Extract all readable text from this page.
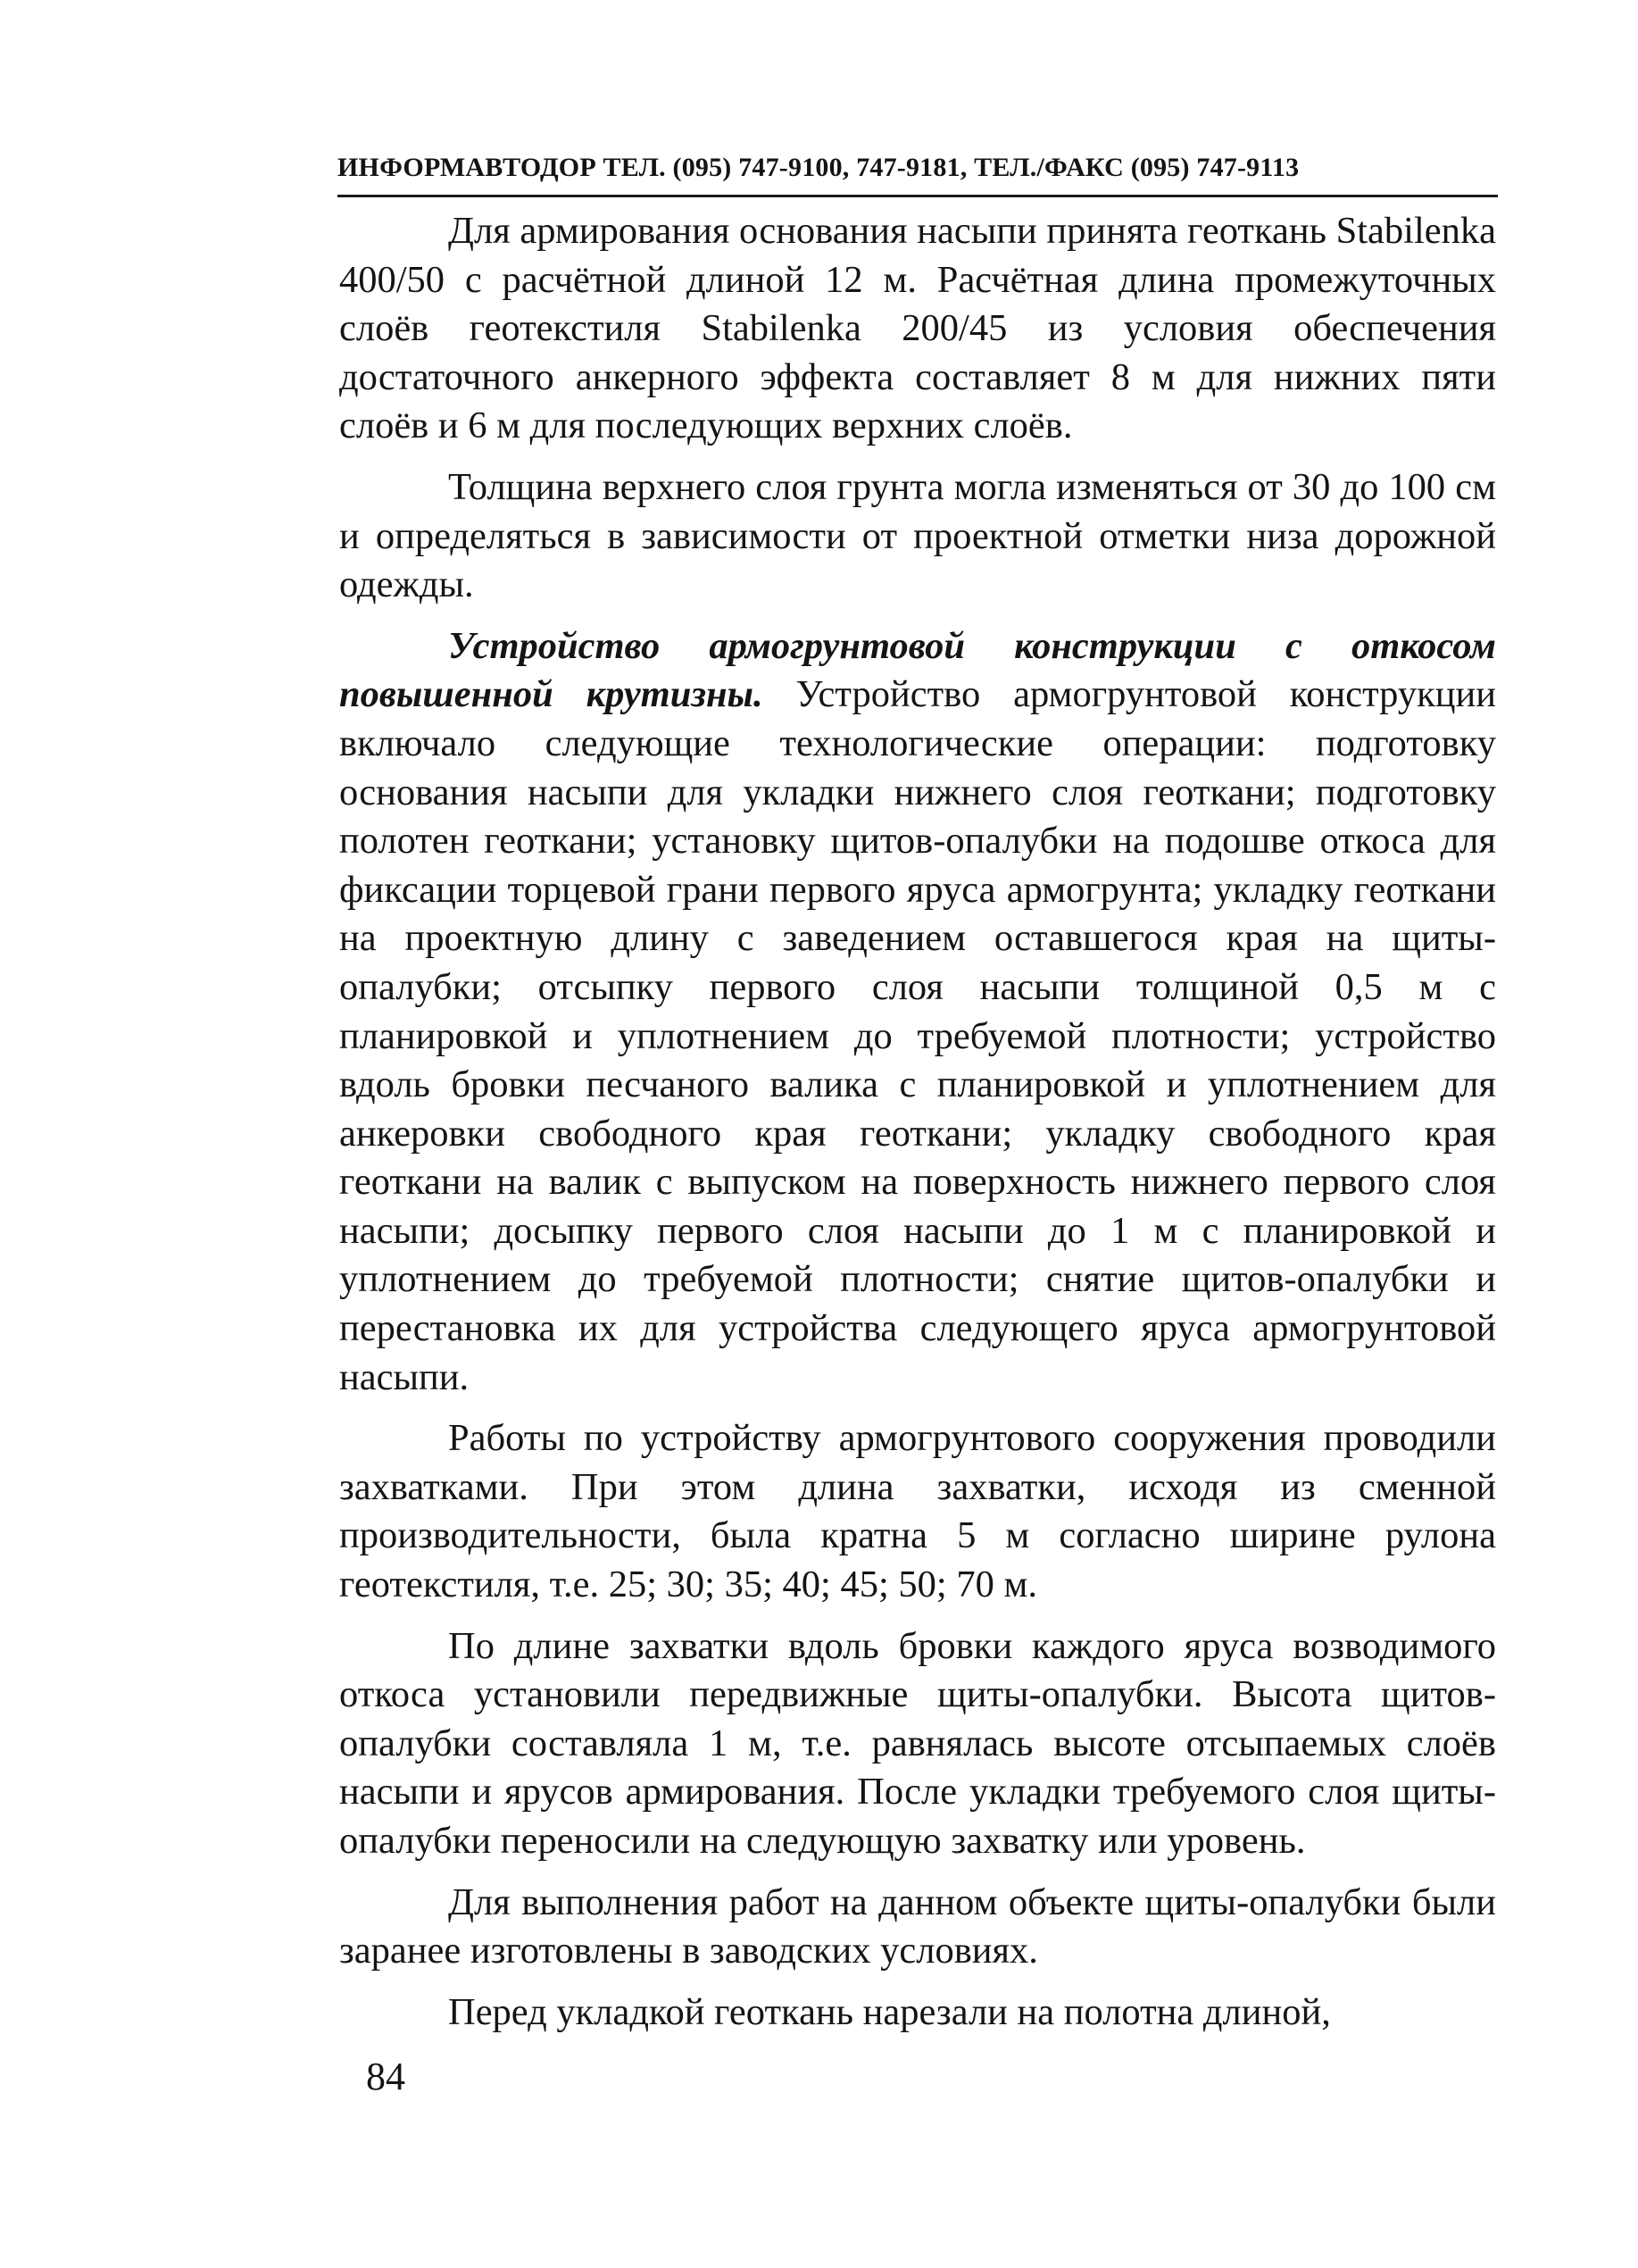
ИНФОРМАВТОДОР ТЕЛ. (095) 747-9100, 747-9181, ТЕЛ./ФАКС (095) 747-9113

Для армирования основания насыпи принята геоткань Stabilenka 400/50 с расчётной длиной 12 м. Расчётная длина промежуточных слоёв геотекстиля Stabilenka 200/45 из условия обеспечения достаточного анкерного эффекта составляет 8 м для нижних пяти слоёв и 6 м для последующих верхних слоёв.

Толщина верхнего слоя грунта могла изменяться от 30 до 100 см и определяться в зависимости от проектной отметки низа дорожной одежды.

Устройство армогрунтовой конструкции с откосом повышенной крутизны. Устройство армогрунтовой конструкции включало следующие технологические операции: подготовку основания насыпи для укладки нижнего слоя геоткани; подготовку полотен геоткани; установку щитов-опалубки на подошве откоса для фиксации торцевой грани первого яруса армогрунта; укладку геоткани на проектную длину с заведением оставшегося края на щиты-опалубки; отсыпку первого слоя насыпи толщиной 0,5 м с планировкой и уплотнением до требуемой плотности; устройство вдоль бровки песчаного валика с планировкой и уплотнением для анкеровки свободного края геоткани; укладку свободного края геоткани на валик с выпуском на поверхность нижнего первого слоя насыпи; досыпку первого слоя насыпи до 1 м с планировкой и уплотнением до требуемой плотности; снятие щитов-опалубки и перестановка их для устройства следующего яруса армогрунтовой насыпи.

Работы по устройству армогрунтового сооружения проводили захватками. При этом длина захватки, исходя из сменной производительности, была кратна 5 м согласно ширине рулона геотекстиля, т.е. 25; 30; 35; 40; 45; 50; 70 м.

По длине захватки вдоль бровки каждого яруса возводимого откоса установили передвижные щиты-опалубки. Высота щитов-опалубки составляла 1 м, т.е. равнялась высоте отсыпаемых слоёв насыпи и ярусов армирования. После укладки требуемого слоя щиты-опалубки переносили на следующую захватку или уровень.

Для выполнения работ на данном объекте щиты-опалубки были заранее изготовлены в заводских условиях.

Перед укладкой геоткань нарезали на полотна длиной,

84
